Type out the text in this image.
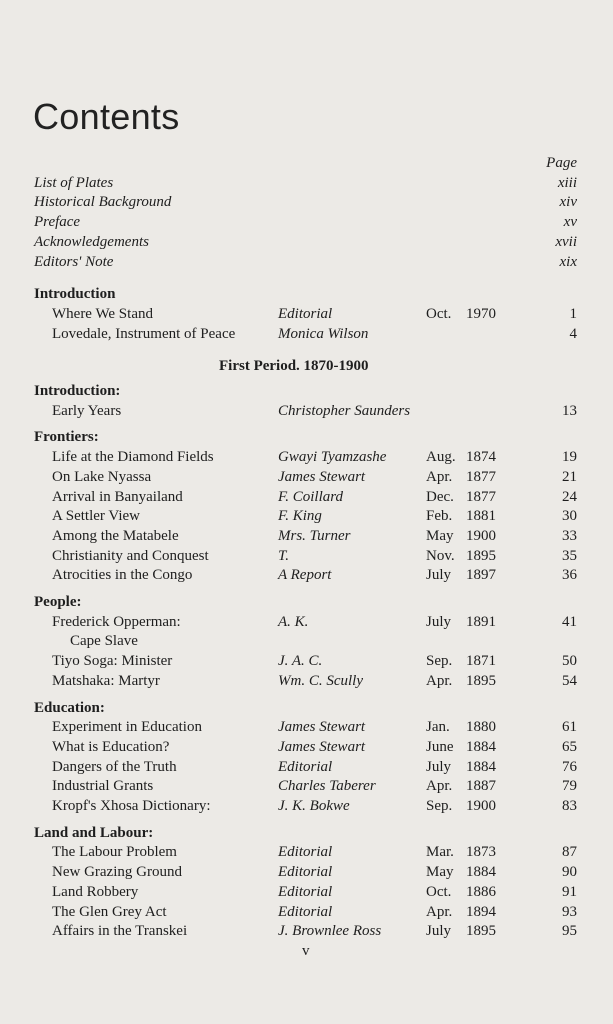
Contents
Page
List of Plates	xiii
Historical Background	xiv
Preface	xv
Acknowledgements	xvii
Editors' Note	xix
Introduction
Where We Stand	Editorial	Oct. 1970	1
Lovedale, Instrument of Peace	Monica Wilson	4
First Period. 1870-1900
Introduction:
Early Years	Christopher Saunders	13
Frontiers:
Life at the Diamond Fields	Gwayi Tyamzashe	Aug. 1874	19
On Lake Nyassa	James Stewart	Apr. 1877	21
Arrival in Banyailand	F. Coillard	Dec. 1877	24
A Settler View	F. King	Feb. 1881	30
Among the Matabele	Mrs. Turner	May 1900	33
Christianity and Conquest	T.	Nov. 1895	35
Atrocities in the Congo	A Report	July 1897	36
People:
Frederick Opperman:	A. K.	July 1891	41
Cape Slave
Tiyo Soga: Minister	J. A. C.	Sep. 1871	50
Matshaka: Martyr	Wm. C. Scully	Apr. 1895	54
Education:
Experiment in Education	James Stewart	Jan. 1880	61
What is Education?	James Stewart	June 1884	65
Dangers of the Truth	Editorial	July 1884	76
Industrial Grants	Charles Taberer	Apr. 1887	79
Kropf's Xhosa Dictionary:	J. K. Bokwe	Sep. 1900	83
Land and Labour:
The Labour Problem	Editorial	Mar. 1873	87
New Grazing Ground	Editorial	May 1884	90
Land Robbery	Editorial	Oct. 1886	91
The Glen Grey Act	Editorial	Apr. 1894	93
Affairs in the Transkei	J. Brownlee Ross	July 1895	95
v
